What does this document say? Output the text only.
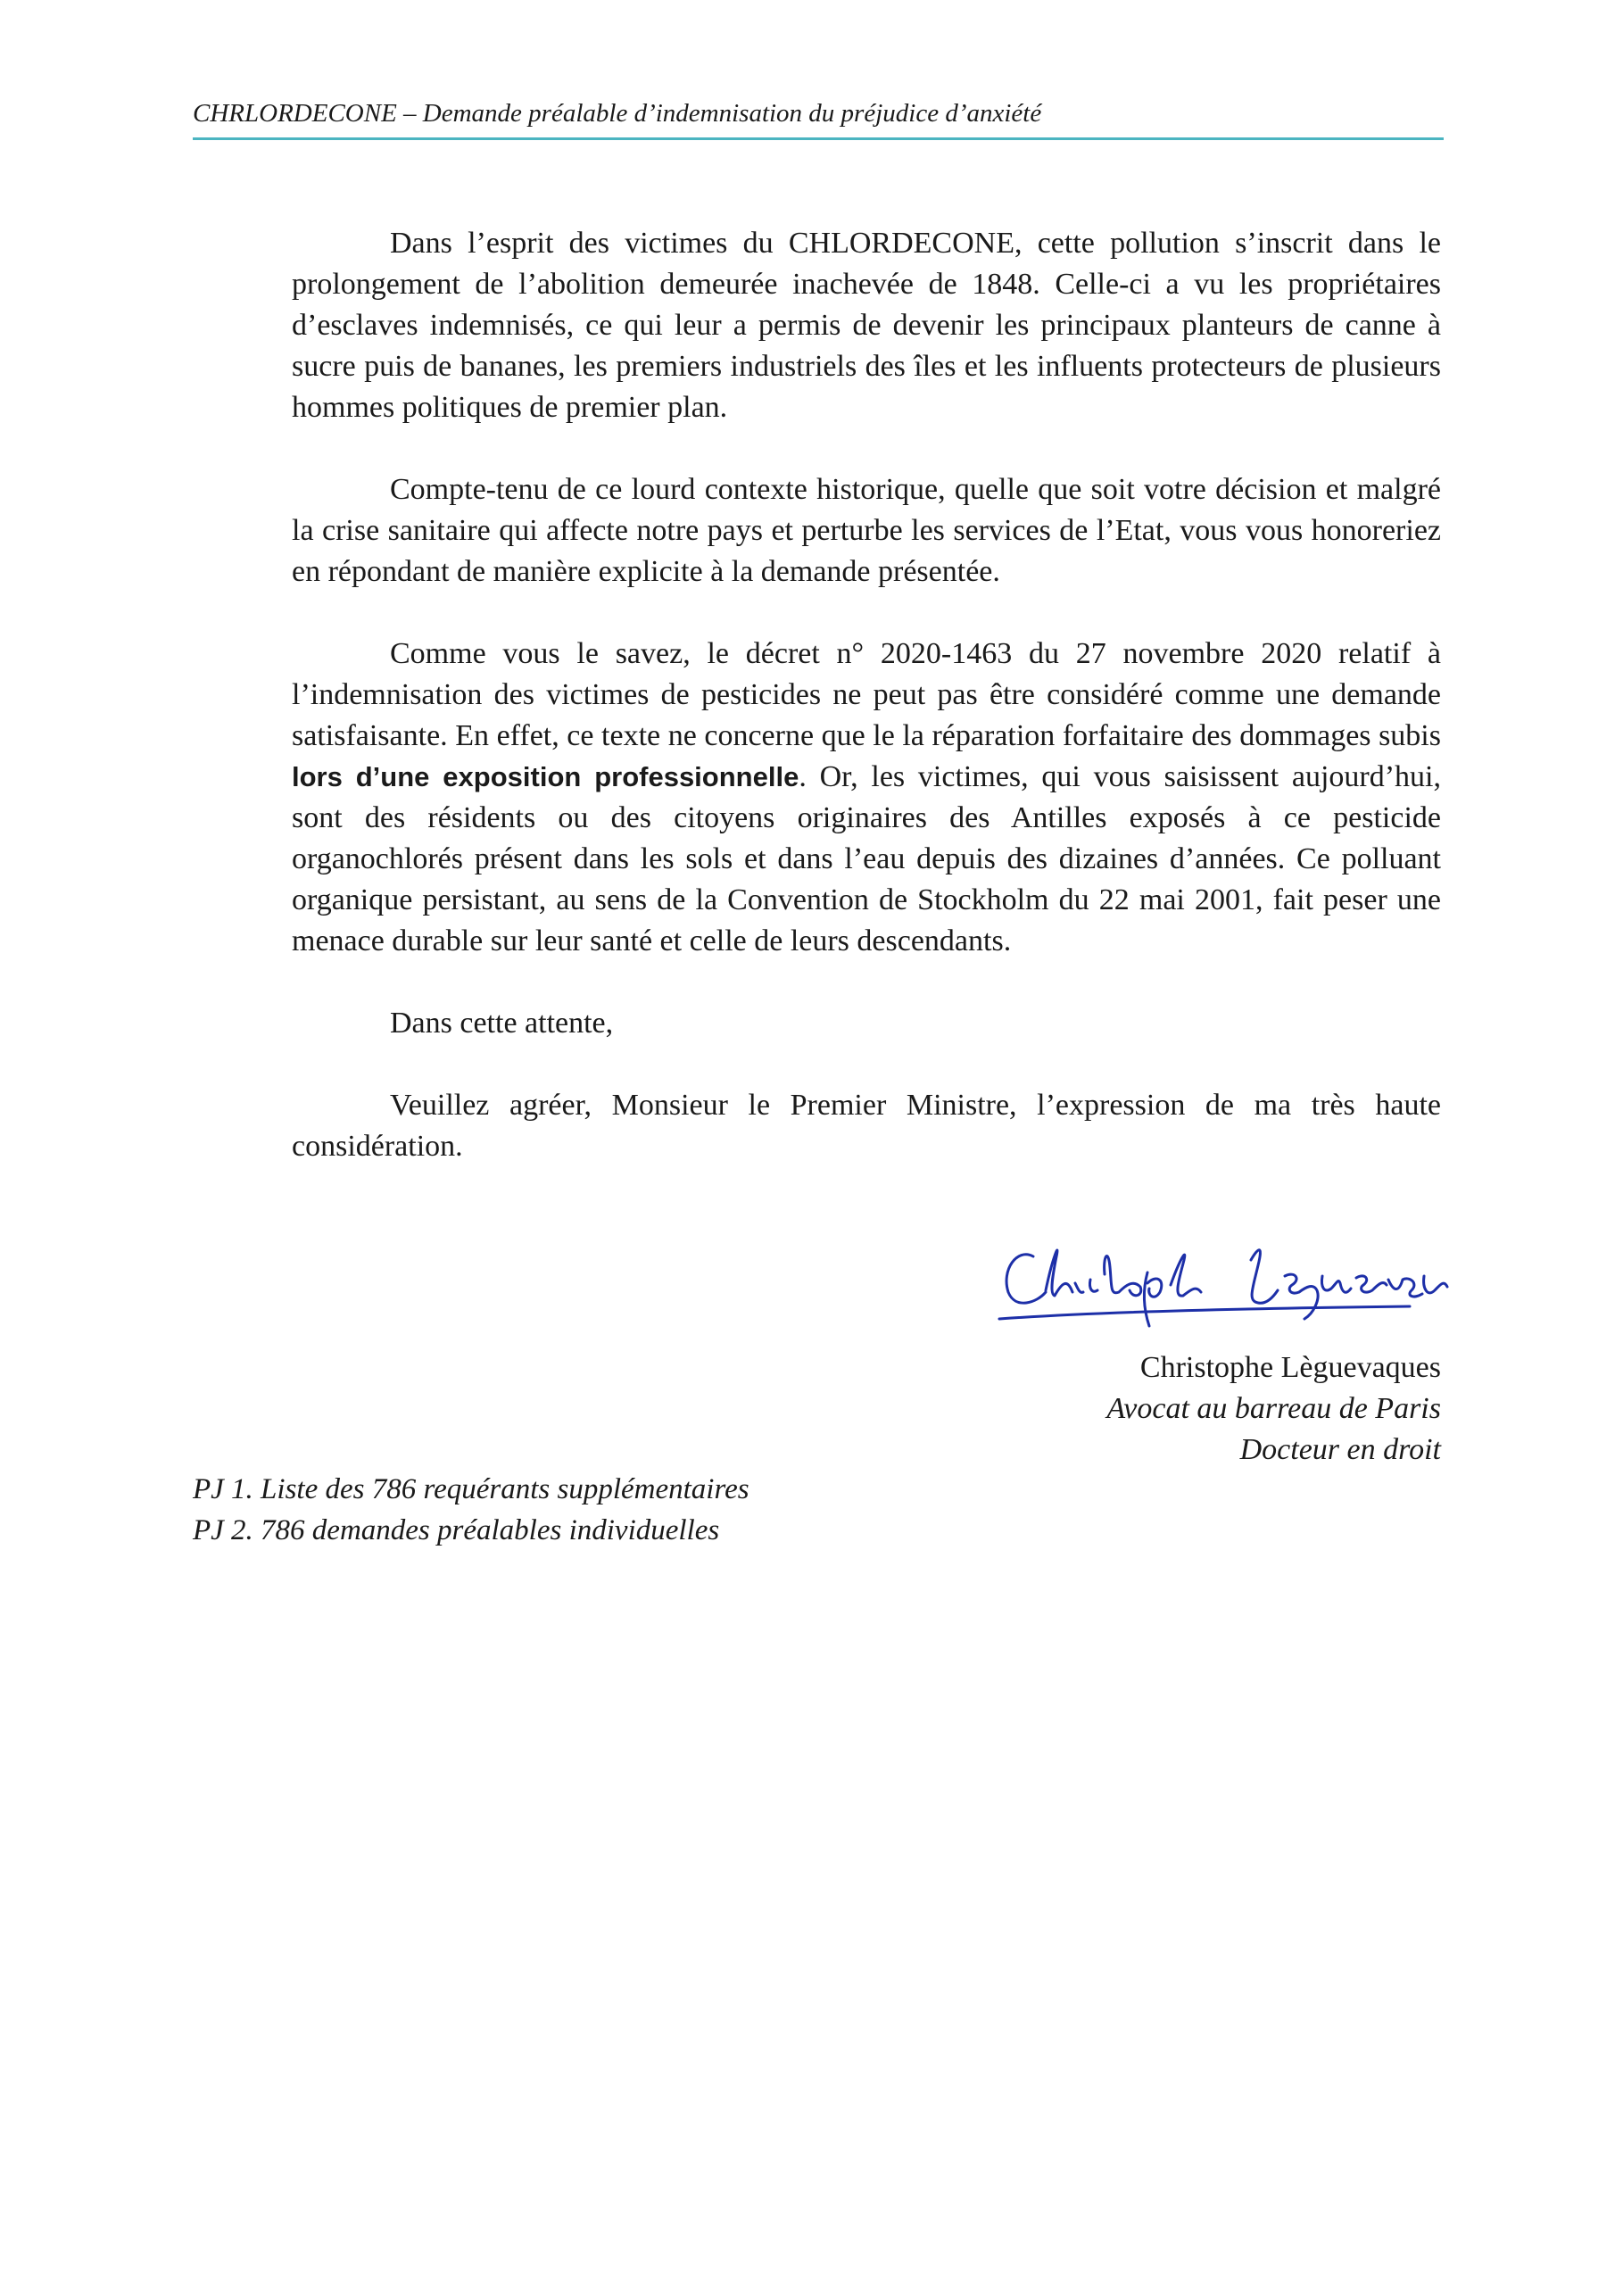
CHRLORDECONE – Demande préalable d’indemnisation du préjudice d’anxiété

Dans l’esprit des victimes du CHLORDECONE, cette pollution s’inscrit dans le prolongement de l’abolition demeurée inachevée de 1848. Celle-ci a vu les propriétaires d’esclaves indemnisés, ce qui leur a permis de devenir les principaux planteurs de canne à sucre puis de bananes, les premiers industriels des îles et les influents protecteurs de plusieurs hommes politiques de premier plan.

Compte-tenu de ce lourd contexte historique, quelle que soit votre décision et malgré la crise sanitaire qui affecte notre pays et perturbe les services de l’Etat, vous vous honoreriez en répondant de manière explicite à la demande présentée.

Comme vous le savez, le décret n° 2020-1463 du 27 novembre 2020 relatif à l’indemnisation des victimes de pesticides ne peut pas être considéré comme une demande satisfaisante. En effet, ce texte ne concerne que le la réparation forfaitaire des dommages subis lors d’une exposition professionnelle. Or, les victimes, qui vous saisissent aujourd’hui, sont des résidents ou des citoyens originaires des Antilles exposés à ce pesticide organochlorés présent dans les sols et dans l’eau depuis des dizaines d’années. Ce polluant organique persistant, au sens de la Convention de Stockholm du 22 mai 2001, fait peser une menace durable sur leur santé et celle de leurs descendants.

Dans cette attente,

Veuillez agréer, Monsieur le Premier Ministre, l’expression de ma très haute considération.

Christophe Lèguevaques
Avocat au barreau de Paris
Docteur en droit
PJ 1. Liste des 786 requérants supplémentaires
PJ 2. 786 demandes préalables individuelles
